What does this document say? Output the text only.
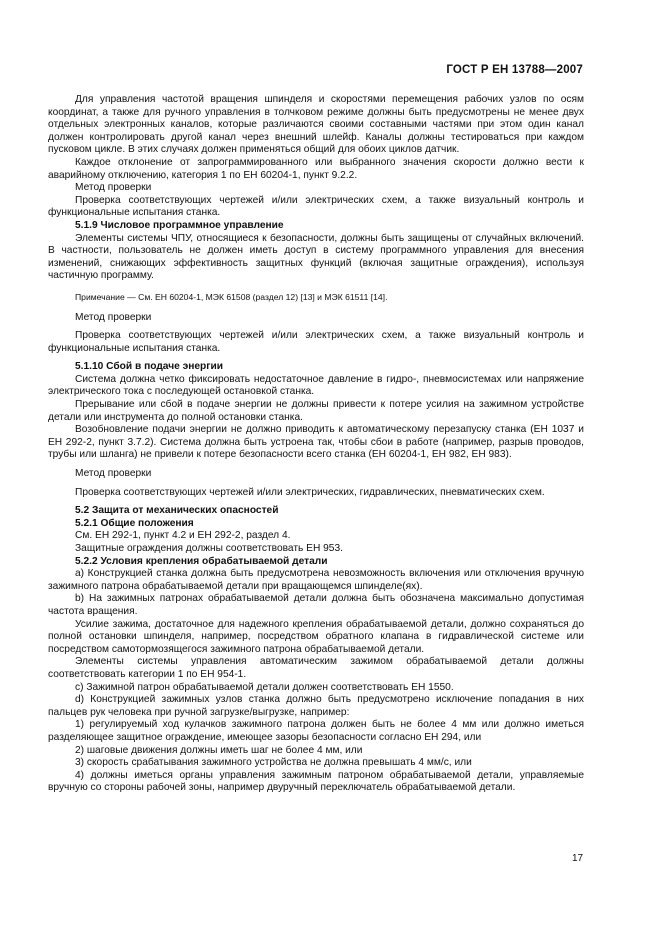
ГОСТ Р ЕН 13788—2007

Для управления частотой вращения шпинделя и скоростями перемещения рабочих узлов по осям координат, а также для ручного управления в толчковом режиме должны быть предусмотрены не менее двух отдельных электронных каналов, которые различаются своими составными частями при этом один канал должен контролировать другой канал через внешний шлейф. Каналы должны тестироваться при каждом пусковом цикле. В этих случаях должен применяться общий для обоих циклов датчик.

Каждое отклонение от запрограммированного или выбранного значения скорости должно вести к аварийному отключению, категория 1 по ЕН 60204-1, пункт 9.2.2.

Метод проверки

Проверка соответствующих чертежей и/или электрических схем, а также визуальный контроль и функциональные испытания станка.

5.1.9 Числовое программное управление

Элементы системы ЧПУ, относящиеся к безопасности, должны быть защищены от случайных включений. В частности, пользователь не должен иметь доступ в систему программного управления для внесения изменений, снижающих эффективность защитных функций (включая защитные ограждения), используя частичную программу.

Примечание — См. ЕН 60204-1, МЭК 61508 (раздел 12) [13] и МЭК 61511 [14].

Метод проверки

Проверка соответствующих чертежей и/или электрических схем, а также визуальный контроль и функциональные испытания станка.

5.1.10 Сбой в подаче энергии

Система должна четко фиксировать недостаточное давление в гидро-, пневмосистемах или напряжение электрического тока с последующей остановкой станка.

Прерывание или сбой в подаче энергии не должны привести к потере усилия на зажимном устройстве детали или инструмента до полной остановки станка.

Возобновление подачи энергии не должно приводить к автоматическому перезапуску станка (ЕН 1037 и ЕН 292-2, пункт 3.7.2). Система должна быть устроена так, чтобы сбои в работе (например, разрыв проводов, трубы или шланга) не привели к потере безопасности всего станка (ЕН 60204-1, ЕН 982, ЕН 983).

Метод проверки

Проверка соответствующих чертежей и/или электрических, гидравлических, пневматических схем.

5.2 Защита от механических опасностей

5.2.1 Общие положения

См. ЕН 292-1, пункт 4.2 и ЕН 292-2, раздел 4.

Защитные ограждения должны соответствовать ЕН 953.

5.2.2 Условия крепления обрабатываемой детали

a) Конструкцией станка должна быть предусмотрена невозможность включения или отключения вручную зажимного патрона обрабатываемой детали при вращающемся шпинделе(ях).

b) На зажимных патронах обрабатываемой детали должна быть обозначена максимально допустимая частота вращения.

Усилие зажима, достаточное для надежного крепления обрабатываемой детали, должно сохраняться до полной остановки шпинделя, например, посредством обратного клапана в гидравлической системе или посредством самотормозящегося зажимного патрона обрабатываемой детали.

Элементы системы управления автоматическим зажимом обрабатываемой детали должны соответствовать категории 1 по ЕН 954-1.

c) Зажимной патрон обрабатываемой детали должен соответствовать ЕН 1550.

d) Конструкцией зажимных узлов станка должно быть предусмотрено исключение попадания в них пальцев рук человека при ручной загрузке/выгрузке, например:

1) регулируемый ход кулачков зажимного патрона должен быть не более 4 мм или должно иметься разделяющее защитное ограждение, имеющее зазоры безопасности согласно ЕН 294, или

2) шаговые движения должны иметь шаг не более 4 мм, или

3) скорость срабатывания зажимного устройства не должна превышать 4 мм/с, или

4) должны иметься органы управления зажимным патроном обрабатываемой детали, управляемые вручную со стороны рабочей зоны, например двуручный переключатель обрабатываемой детали.

17
